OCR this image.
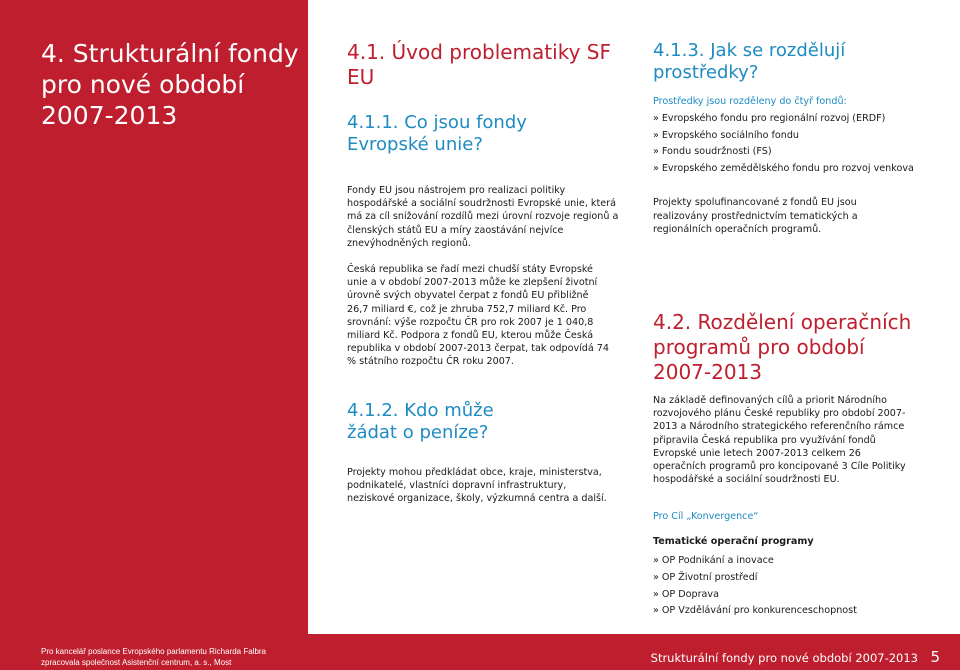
4. Strukturální fondy pro nové období 2007-2013
4.1. Úvod problematiky SF EU
4.1.1. Co jsou fondy Evropské unie?

Fondy EU jsou nástrojem pro realizaci politiky hospodářské a sociální soudržnosti Evropské unie, která má za cíl snižování rozdílů mezi úrovní rozvoje regionů a členských států EU a míry zaostávání nejvíce znevýhodněných regionů.

Česká republika se řadí mezi chudší státy Evropské unie a v období 2007-2013 může ke zlepšení životní úrovně svých obyvatel čerpat z fondů EU přibližně 26,7 miliard €, což je zhruba 752,7 miliard Kč. Pro srovnání: výše rozpočtu ČR pro rok 2007 je 1 040,8 miliard Kč. Podpora z fondů EU, kterou může Česká republika v období 2007-2013 čerpat, tak odpovídá 74 % státního rozpočtu ČR roku 2007.

4.1.2. Kdo může žádat o peníze?

Projekty mohou předkládat obce, kraje, ministerstva, podnikatelé, vlastníci dopravní infrastruktury, neziskové organizace, školy, výzkumná centra a další.

4.1.3. Jak se rozdělují prostředky?

Prostředky jsou rozděleny do čtyř fondů:

» Evropského fondu pro regionální rozvoj (ERDF)
» Evropského sociálního fondu
» Fondu soudržnosti (FS)
» Evropského zemědělského fondu pro rozvoj venkova

Projekty spolufinancované z fondů EU jsou realizovány prostřednictvím tematických a regionálních operačních programů.

4.2. Rozdělení operačních programů pro období 2007-2013

Na základě definovaných cílů a priorit Národního rozvojového plánu České republiky pro období 2007-2013 a Národního strategického referenčního rámce připravila Česká republika pro využívání fondů Evropské unie letech 2007-2013 celkem 26 operačních programů pro koncipované 3 Cíle Politiky hospodářské a sociální soudržnosti EU.

Pro Cíl „Konvergence“

Tematické operační programy

» OP Podnikání a inovace
» OP Životní prostředí
» OP Doprava
» OP Vzdělávání pro konkurenceschopnost
Pro kancelář poslance Evropského parlamentu Richarda Falbra
zpracovala společnost Asistenční centrum, a. s., Most	Strukturální fondy pro nové období 2007-2013 5
